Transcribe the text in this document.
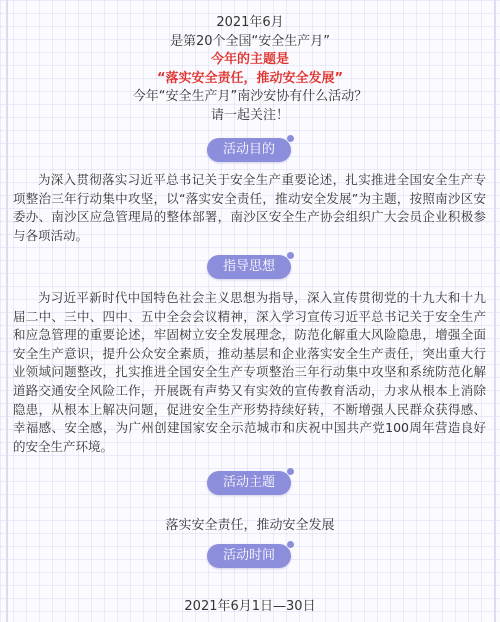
2021年6月
是第20个全国“安全生产月”
今年的主题是
“落实安全责任，推动安全发展”
今年“安全生产月”南沙安协有什么活动？
请一起关注！
活动目的

为深入贯彻落实习近平总书记关于安全生产重要论述，扎实推进全国安全生产专项整治三年行动集中攻坚，以“落实安全责任，推动安全发展”为主题，按照南沙区安委办、南沙区应急管理局的整体部署，南沙区安全生产协会组织广大会员企业积极参与各项活动。

指导思想

为习近平新时代中国特色社会主义思想为指导，深入宣传贯彻党的十九大和十九届二中、三中、四中、五中全会会议精神，深入学习宣传习近平总书记关于安全生产和应急管理的重要论述，牢固树立安全发展理念，防范化解重大风险隐患，增强全面安全生产意识，提升公众安全素质，推动基层和企业落实安全生产责任，突出重大行业领域问题整改，扎实推进全国安全生产专项整治三年行动集中攻坚和系统防范化解道路交通安全风险工作，开展既有声势又有实效的宣传教育活动，力求从根本上消除隐患，从根本上解决问题，促进安全生产形势持续好转，不断增强人民群众获得感、幸福感、安全感，为广州创建国家安全示范城市和庆祝中国共产党100周年营造良好的安全生产环境。

活动主题
落实安全责任，推动安全发展
活动时间
2021年6月1日—30日
